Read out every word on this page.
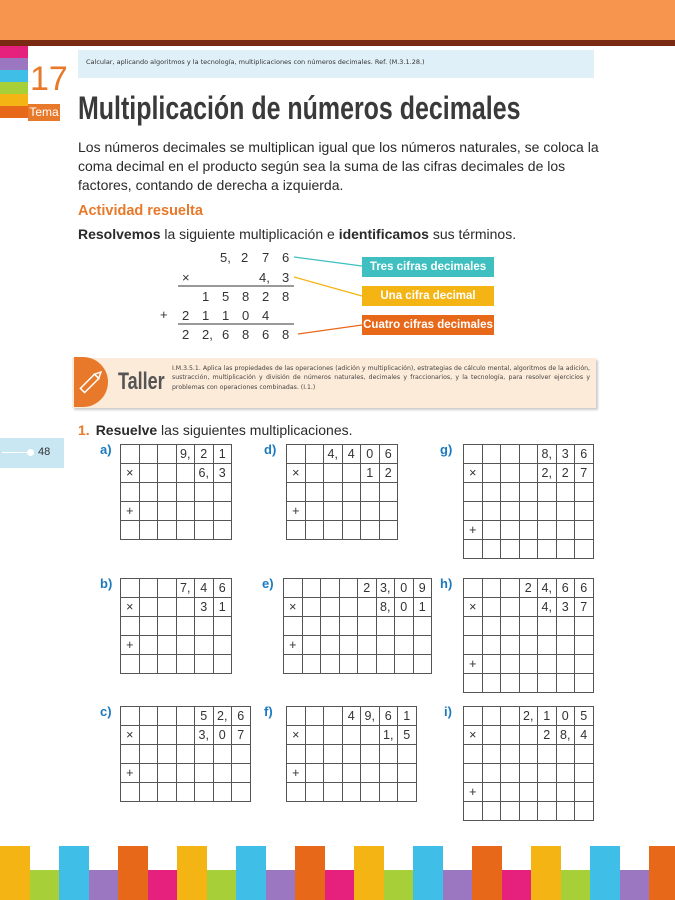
17
Tema
Calcular, aplicando algoritmos y la tecnología, multiplicaciones con números decimales. Ref. (M.3.1.28.)
Multiplicación de números decimales
Los números decimales se multiplican igual que los números naturales, se coloca la coma decimal en el producto según sea la suma de las cifras decimales de los factores, contando de derecha a izquierda.
Actividad resuelta
Resolvemos la siguiente multiplicación e identificamos sus términos.
5, 2 7 6
×	4, 3
1 5 8 2 8
+ 2 1 1 0 4
2 2, 6 8 6 8
Tres cifras decimales
Una cifra decimal
Cuatro cifras decimales
Taller I.M.3.5.1. Aplica las propiedades de las operaciones (adición y multiplicación), estrategias de cálculo mental, algoritmos de la adición, sustracción, multiplicación y división de números naturales, decimales y fraccionarios, y la tecnología, para resolver ejercicios y problemas con operaciones combinadas. (I.1.)
1. Resuelve las siguientes multiplicaciones.
48	a)
				9,	2	1
×				6,	3

+					

d)
			4,	4	0	6
×				1	2

+					

g)
					8,	3	6
×				2,	2	7

+						

b)
				7,	4	6
×				3	1

+					

e)
					2	3,	0	9
×					8,	0	1

+							

h)
				2	4,	6	6
×				4,	3	7

+						

c)
					5	2,	6
×				3,	0	7

+						

f)
				4	9,	6	1
×					1,	5

+						

i)
				2,	1	0	5
×				2	8,	4

+						
